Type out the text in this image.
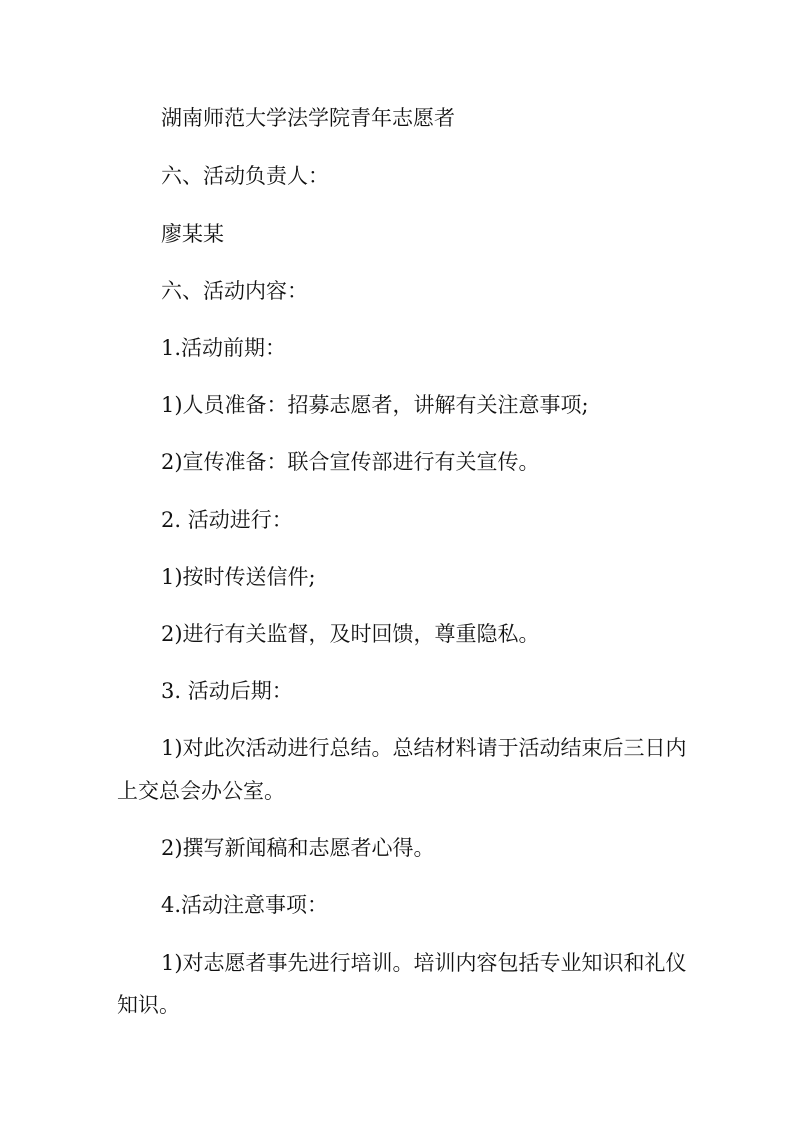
湖南师范大学法学院青年志愿者
六、活动负责人：
廖某某
六、活动内容：
1.活动前期：
1)人员准备：招募志愿者，讲解有关注意事项;
2)宣传准备：联合宣传部进行有关宣传。
2. 活动进行：
1)按时传送信件;
2)进行有关监督，及时回馈，尊重隐私。
3. 活动后期：
1)对此次活动进行总结。总结材料请于活动结束后三日内
上交总会办公室。
2)撰写新闻稿和志愿者心得。
4.活动注意事项：
1)对志愿者事先进行培训。培训内容包括专业知识和礼仪
知识。
